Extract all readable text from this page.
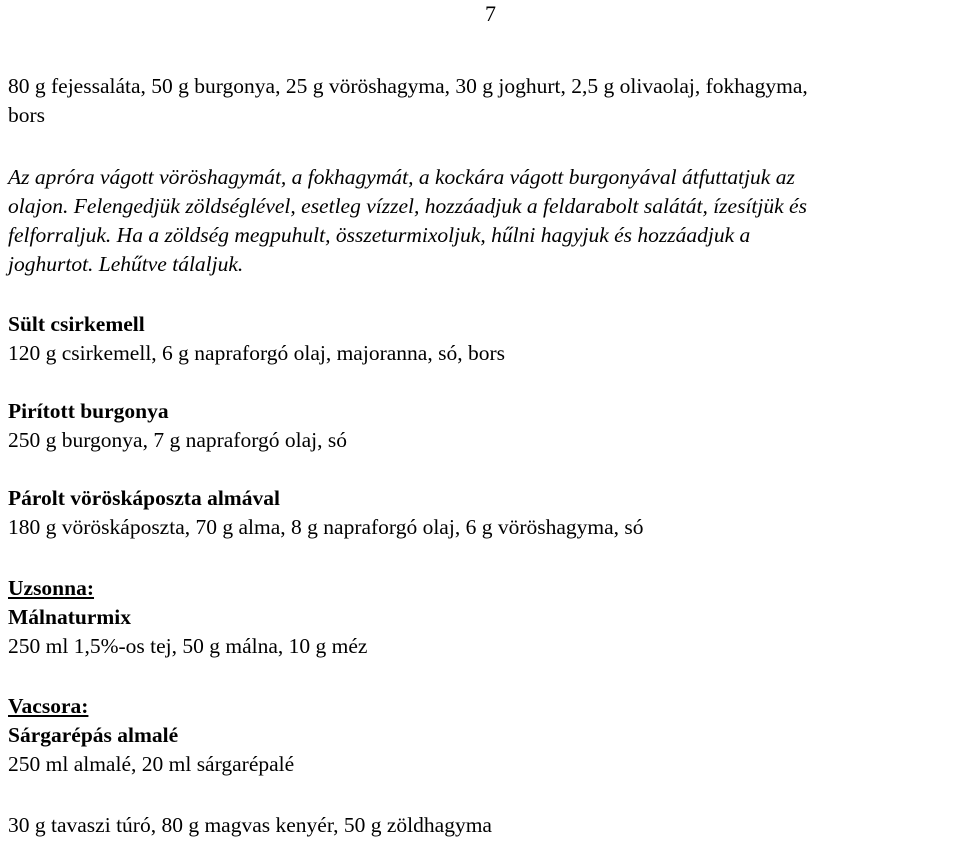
7
80 g fejessaláta, 50 g burgonya, 25 g vöröshagyma, 30 g joghurt, 2,5 g olivaolaj, fokhagyma,
bors
Az apróra vágott vöröshagymát, a fokhagymát, a kockára vágott burgonyával átfuttatjuk az
olajon. Felengedjük zöldséglével, esetleg vízzel, hozzáadjuk a feldarabolt salátát, ízesítjük és
felforraljuk. Ha a zöldség megpuhult, összeturmixoljuk, hűlni hagyjuk és hozzáadjuk a
joghurtot. Lehűtve tálaljuk.
Sült csirkemell
120 g csirkemell, 6 g napraforgó olaj, majoranna, só, bors
Pirított burgonya
250 g burgonya, 7 g napraforgó olaj, só
Párolt vöröskáposzta almával
180 g vöröskáposzta, 70 g alma, 8 g napraforgó olaj, 6 g vöröshagyma, só
Uzsonna:
Málnaturmix
250 ml 1,5%-os tej, 50 g málna, 10 g méz
Vacsora:
Sárgarépás almalé
250 ml almalé, 20 ml sárgarépalé
30 g tavaszi túró, 80 g magvas kenyér, 50 g zöldhagyma
